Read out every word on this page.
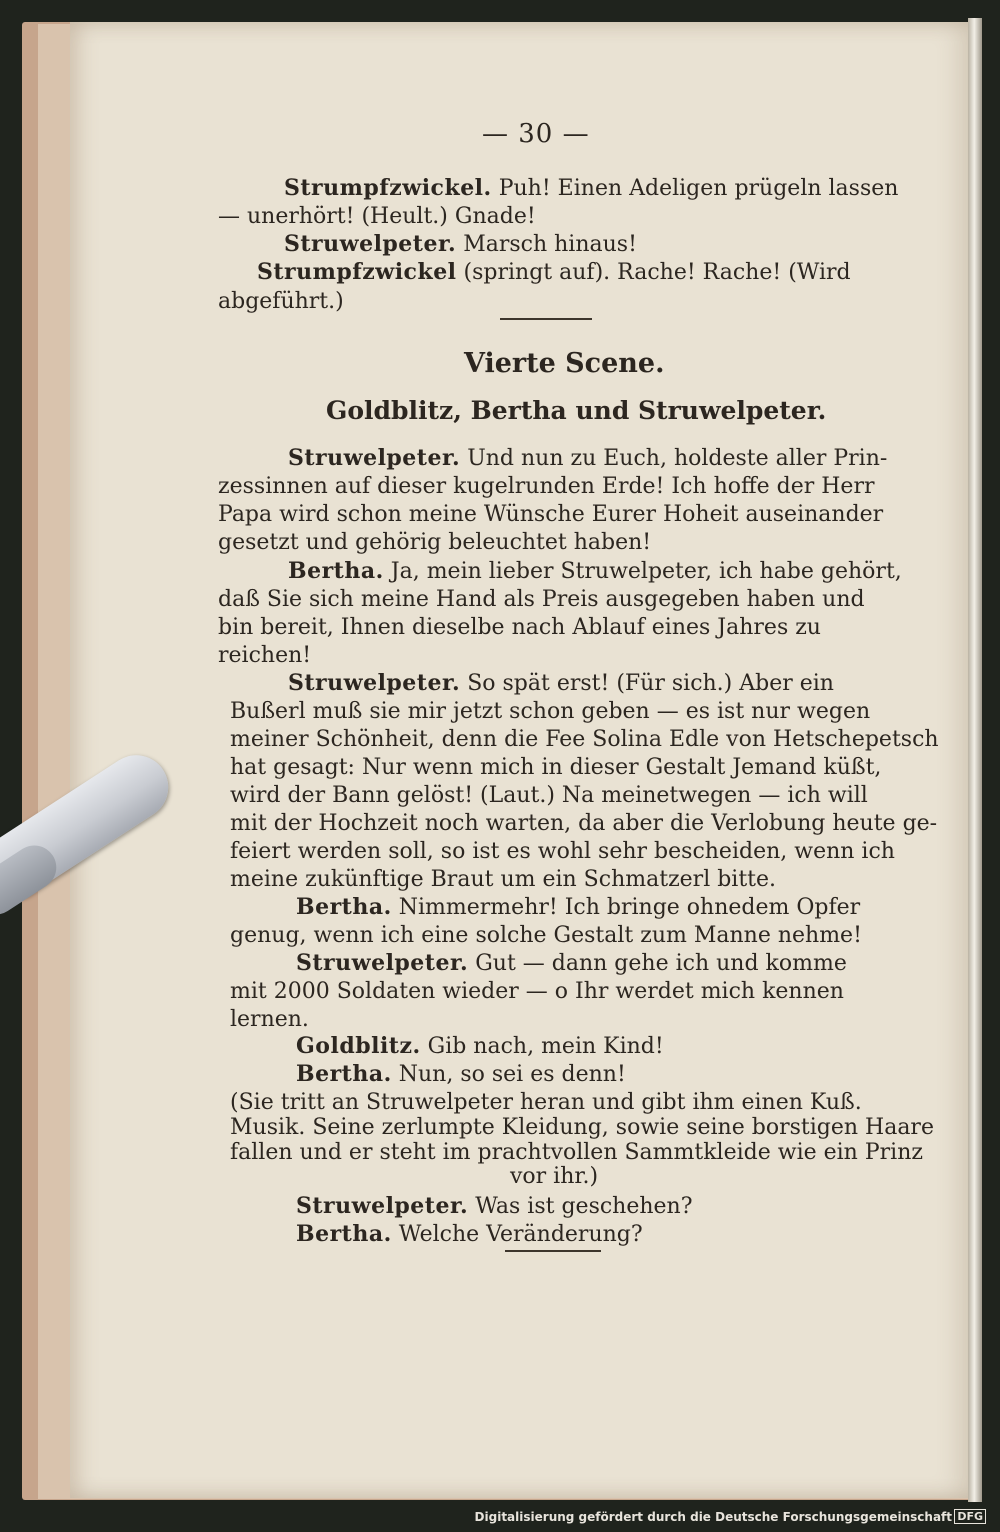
— 30 —
Strumpfzwickel. Puh! Einen Adeligen prügeln lassen
— unerhört! (Heult.) Gnade!
Struwelpeter. Marsch hinaus!
Strumpfzwickel (springt auf). Rache! Rache! (Wird
abgeführt.)
Vierte Scene.
Goldblitz, Bertha und Struwelpeter.
Struwelpeter. Und nun zu Euch, holdeste aller Prin-
zessinnen auf dieser kugelrunden Erde! Ich hoffe der Herr
Papa wird schon meine Wünsche Eurer Hoheit auseinander
gesetzt und gehörig beleuchtet haben!
Bertha. Ja, mein lieber Struwelpeter, ich habe gehört,
daß Sie sich meine Hand als Preis ausgegeben haben und
bin bereit, Ihnen dieselbe nach Ablauf eines Jahres zu
reichen!
Struwelpeter. So spät erst! (Für sich.) Aber ein
Bußerl muß sie mir jetzt schon geben — es ist nur wegen
meiner Schönheit, denn die Fee Solina Edle von Hetschepetsch
hat gesagt: Nur wenn mich in dieser Gestalt Jemand küßt,
wird der Bann gelöst! (Laut.) Na meinetwegen — ich will
mit der Hochzeit noch warten, da aber die Verlobung heute ge-
feiert werden soll, so ist es wohl sehr bescheiden, wenn ich
meine zukünftige Braut um ein Schmatzerl bitte.
Bertha. Nimmermehr! Ich bringe ohnedem Opfer
genug, wenn ich eine solche Gestalt zum Manne nehme!
Struwelpeter. Gut — dann gehe ich und komme
mit 2000 Soldaten wieder — o Ihr werdet mich kennen
lernen.
Goldblitz. Gib nach, mein Kind!
Bertha. Nun, so sei es denn!
(Sie tritt an Struwelpeter heran und gibt ihm einen Kuß.
Musik. Seine zerlumpte Kleidung, sowie seine borstigen Haare
fallen und er steht im prachtvollen Sammtkleide wie ein Prinz
vor ihr.)
Struwelpeter. Was ist geschehen?
Bertha. Welche Veränderung?
Digitalisierung gefördert durch die Deutsche Forschungsgemeinschaft DFG
